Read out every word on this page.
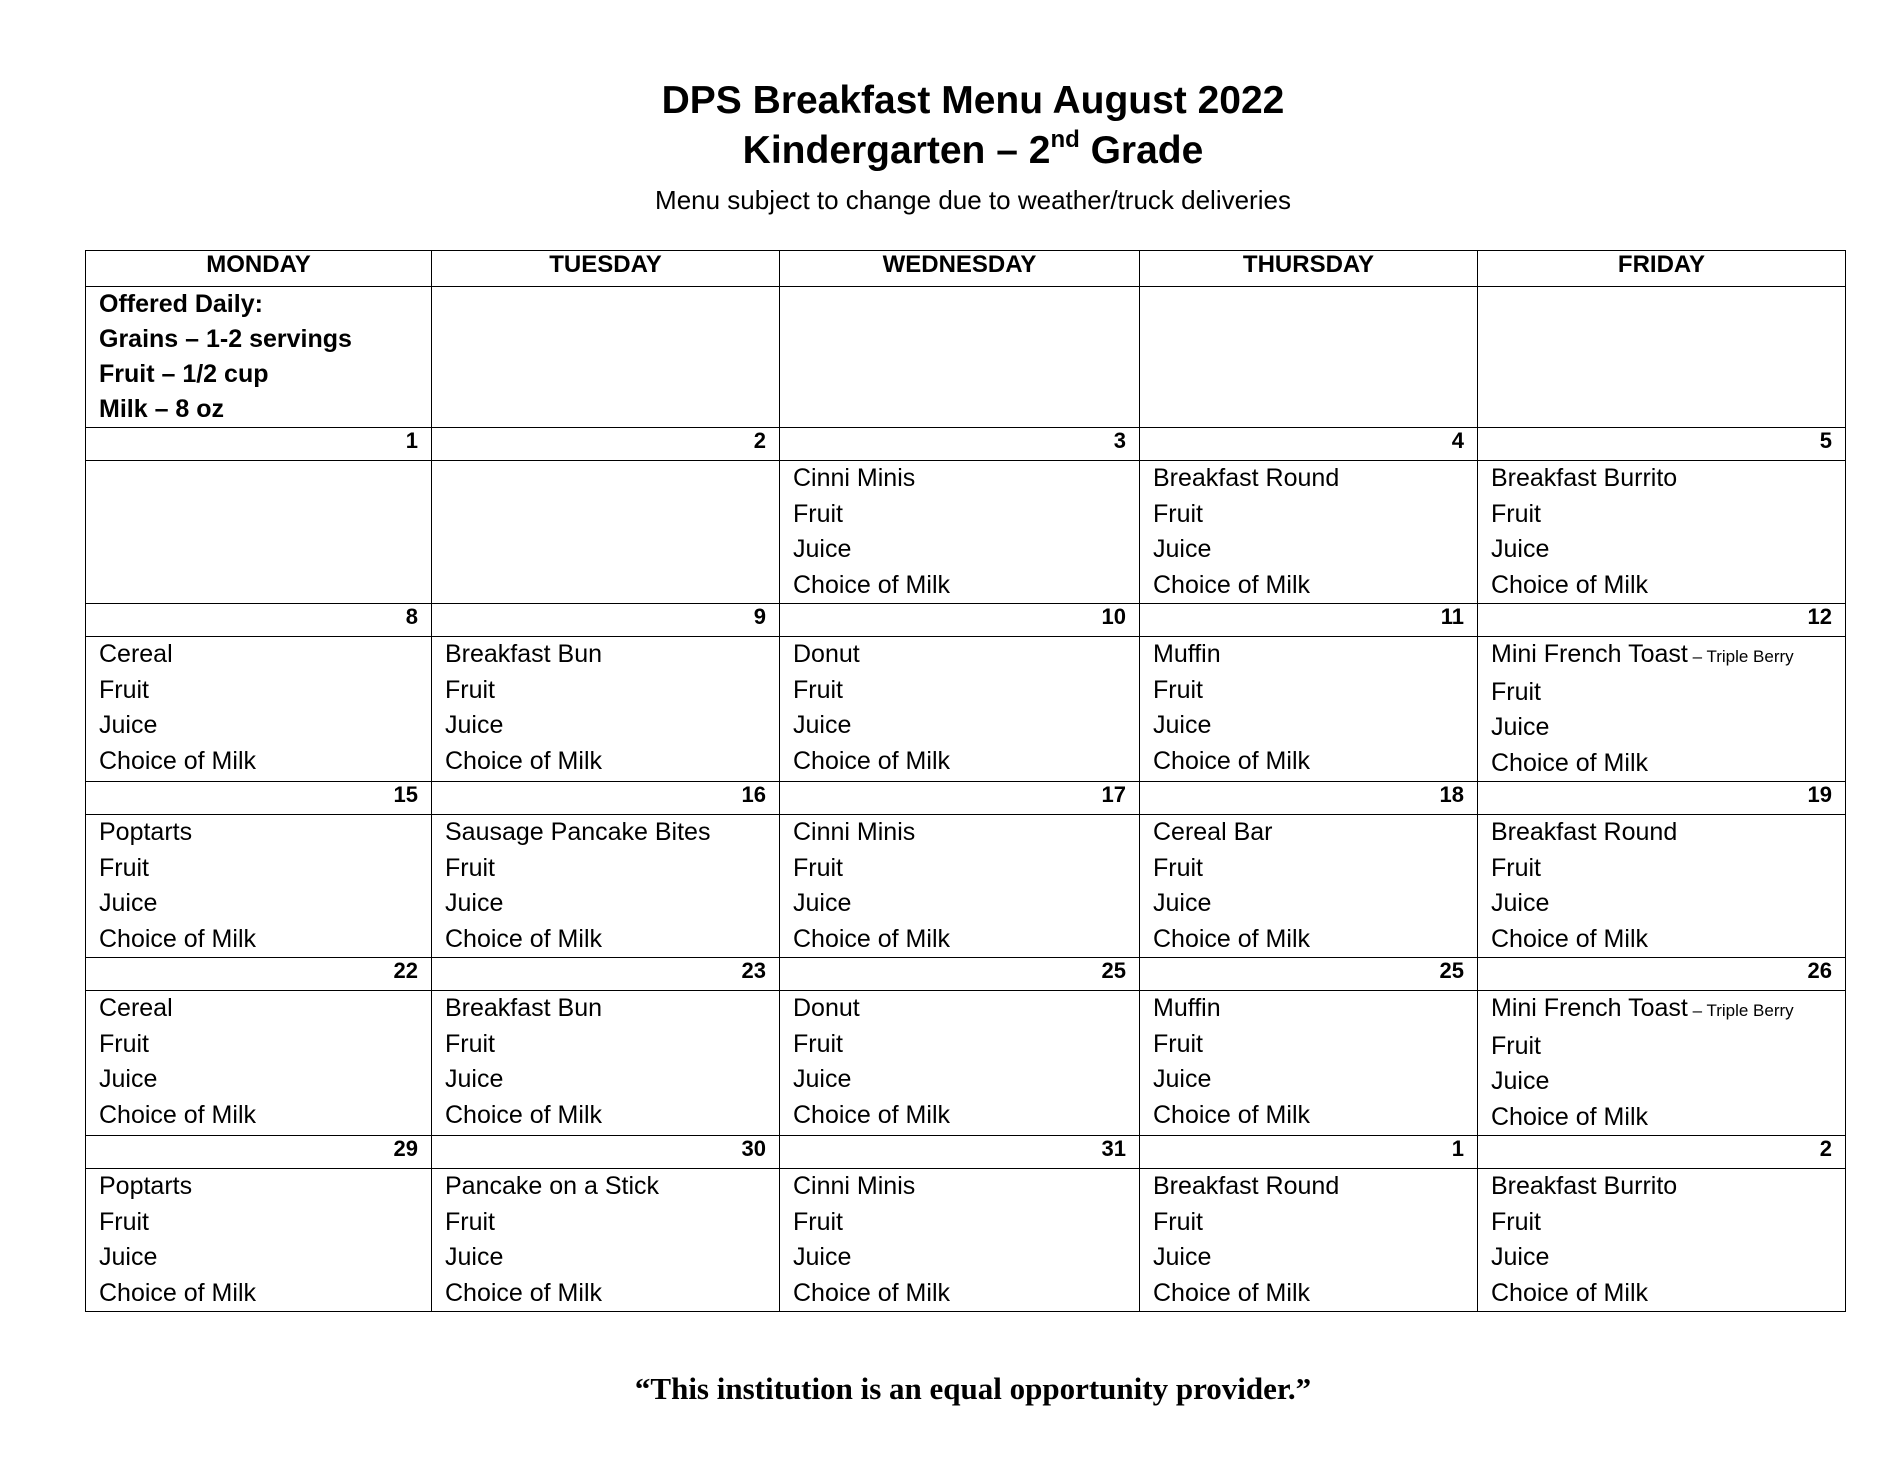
DPS Breakfast Menu August 2022
Kindergarten – 2nd Grade
Menu subject to change due to weather/truck deliveries
MONDAY	TUESDAY	WEDNESDAY	THURSDAY	FRIDAY

Offered Daily:
Grains – 1-2 servings
Fruit – 1/2 cup
Milk – 8 oz				

1	2	3	4	5

		Cinni Minis
Fruit
Juice
Choice of Milk	Breakfast Round
Fruit
Juice
Choice of Milk	Breakfast Burrito
Fruit
Juice
Choice of Milk

8	9	10	11	12

Cereal
Fruit
Juice
Choice of Milk	Breakfast Bun
Fruit
Juice
Choice of Milk	Donut
Fruit
Juice
Choice of Milk	Muffin
Fruit
Juice
Choice of Milk	Mini French Toast – Triple Berry
Fruit
Juice
Choice of Milk

15	16	17	18	19

Poptarts
Fruit
Juice
Choice of Milk	Sausage Pancake Bites
Fruit
Juice
Choice of Milk	Cinni Minis
Fruit
Juice
Choice of Milk	Cereal Bar
Fruit
Juice
Choice of Milk	Breakfast Round
Fruit
Juice
Choice of Milk

22	23	25	25	26

Cereal
Fruit
Juice
Choice of Milk	Breakfast Bun
Fruit
Juice
Choice of Milk	Donut
Fruit
Juice
Choice of Milk	Muffin
Fruit
Juice
Choice of Milk	Mini French Toast – Triple Berry
Fruit
Juice
Choice of Milk

29	30	31	1	2

Poptarts
Fruit
Juice
Choice of Milk	Pancake on a Stick
Fruit
Juice
Choice of Milk	Cinni Minis
Fruit
Juice
Choice of Milk	Breakfast Round
Fruit
Juice
Choice of Milk	Breakfast Burrito
Fruit
Juice
Choice of Milk
“This institution is an equal opportunity provider.”
